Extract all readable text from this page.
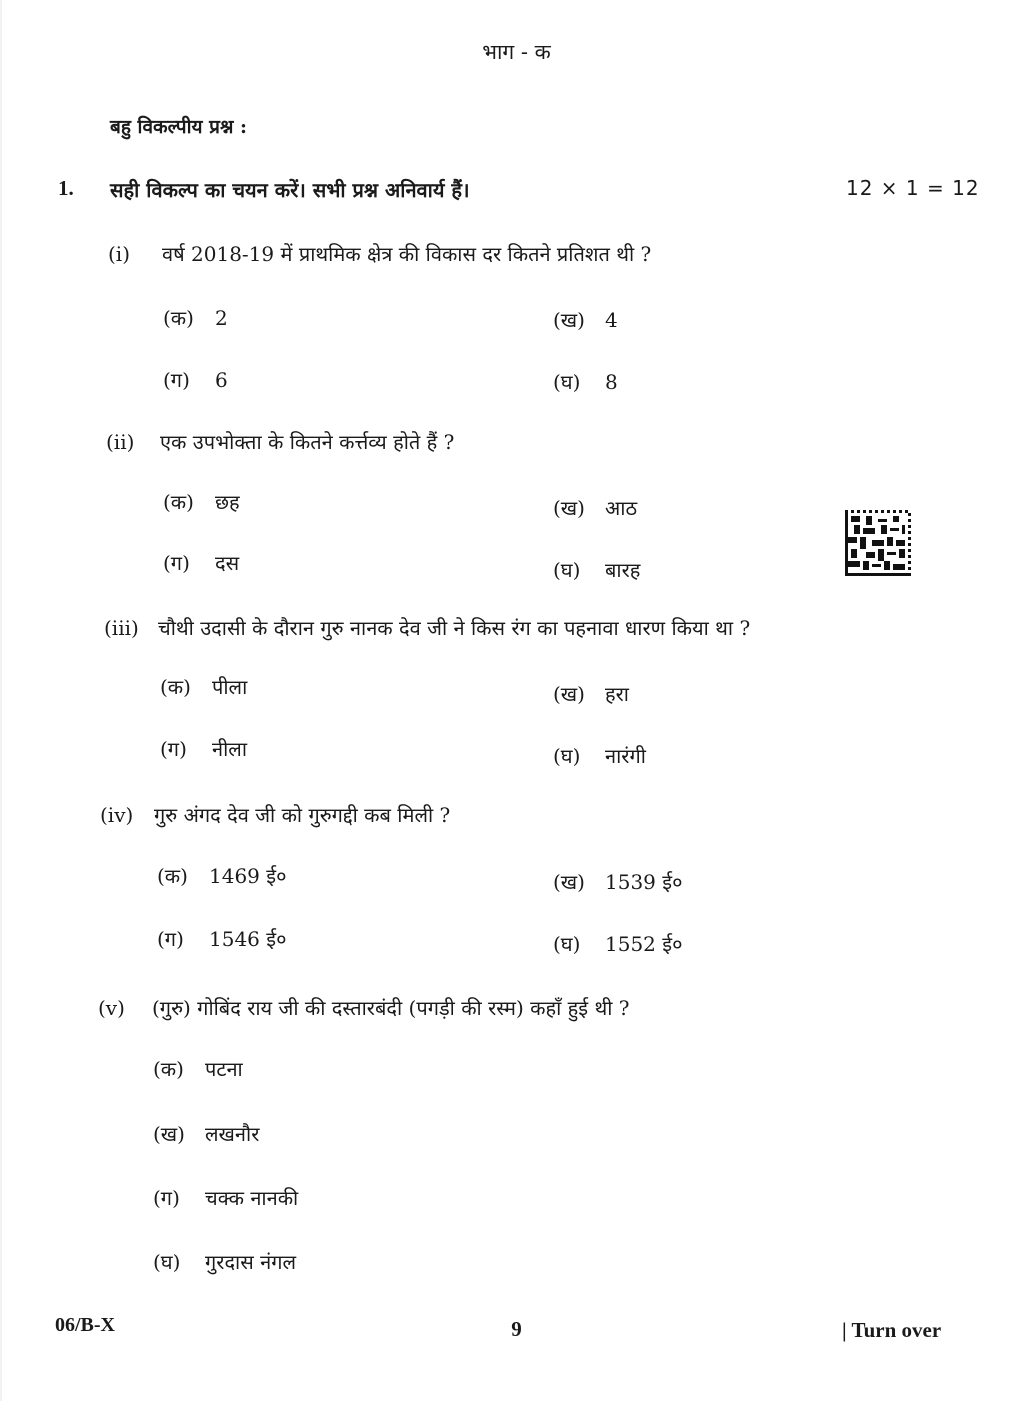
भाग - क
बहु विकल्पीय प्रश्न :
1. सही विकल्प का चयन करें। सभी प्रश्न अनिवार्य हैं।	12 × 1 = 12
(i) वर्ष 2018-19 में प्राथमिक क्षेत्र की विकास दर कितने प्रतिशत थी ?
(क) 2	(ख) 4
(ग) 6	(घ) 8
(ii) एक उपभोक्ता के कितने कर्त्तव्य होते हैं ?
(क) छह	(ख) आठ
(ग) दस	(घ) बारह
(iii) चौथी उदासी के दौरान गुरु नानक देव जी ने किस रंग का पहनावा धारण किया था ?
(क) पीला	(ख) हरा
(ग) नीला	(घ) नारंगी
(iv) गुरु अंगद देव जी को गुरुगद्दी कब मिली ?
(क) 1469 ई०	(ख) 1539 ई०
(ग) 1546 ई०	(घ) 1552 ई०
(v) (गुरु) गोबिंद राय जी की दस्तारबंदी (पगड़ी की रस्म) कहाँ हुई थी ?
(क) पटना
(ख) लखनौर
(ग) चक्क नानकी
(घ) गुरदास नंगल
06/B-X	9	| Turn over
